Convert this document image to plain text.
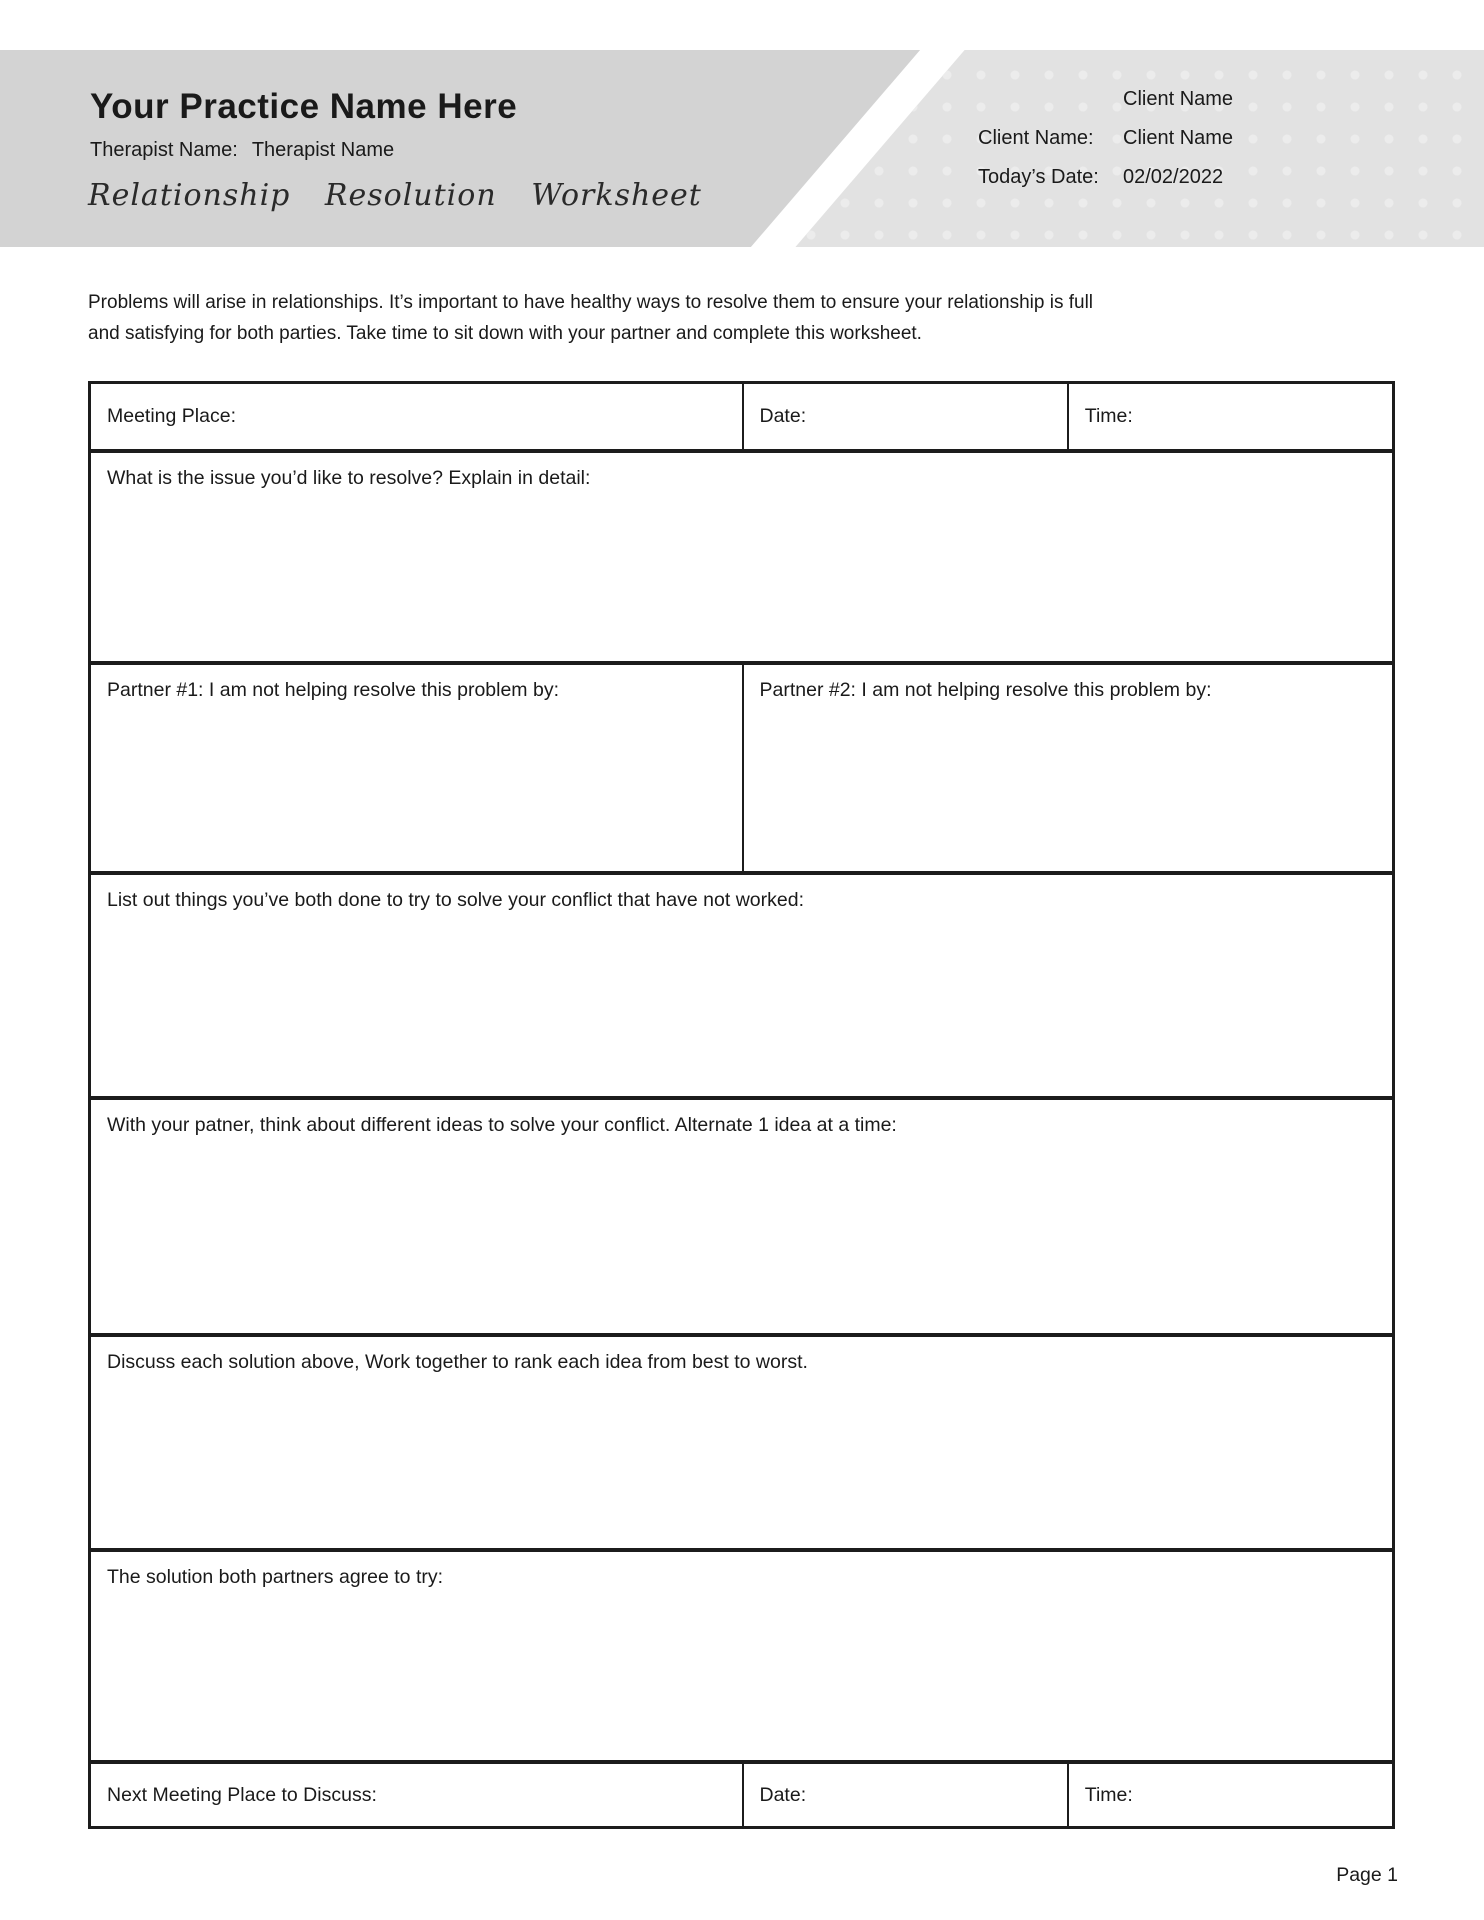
Your Practice Name Here
Therapist Name: Therapist Name
Relationship Resolution Worksheet
Client Name
Client Name:	Client Name
Today’s Date:	02/02/2022
Problems will arise in relationships. It’s important to have healthy ways to resolve them to ensure your relationship is full
and satisfying for both parties. Take time to sit down with your partner and complete this worksheet.
Meeting Place:	Date:	Time:
What is the issue you’d like to resolve? Explain in detail:
Partner #1: I am not helping resolve this problem by:	Partner #2: I am not helping resolve this problem by:
List out things you’ve both done to try to solve your conflict that have not worked:
With your patner, think about different ideas to solve your conflict. Alternate 1 idea at a time:
Discuss each solution above, Work together to rank each idea from best to worst.
The solution both partners agree to try:
Next Meeting Place to Discuss:	Date:	Time:
Page 1
